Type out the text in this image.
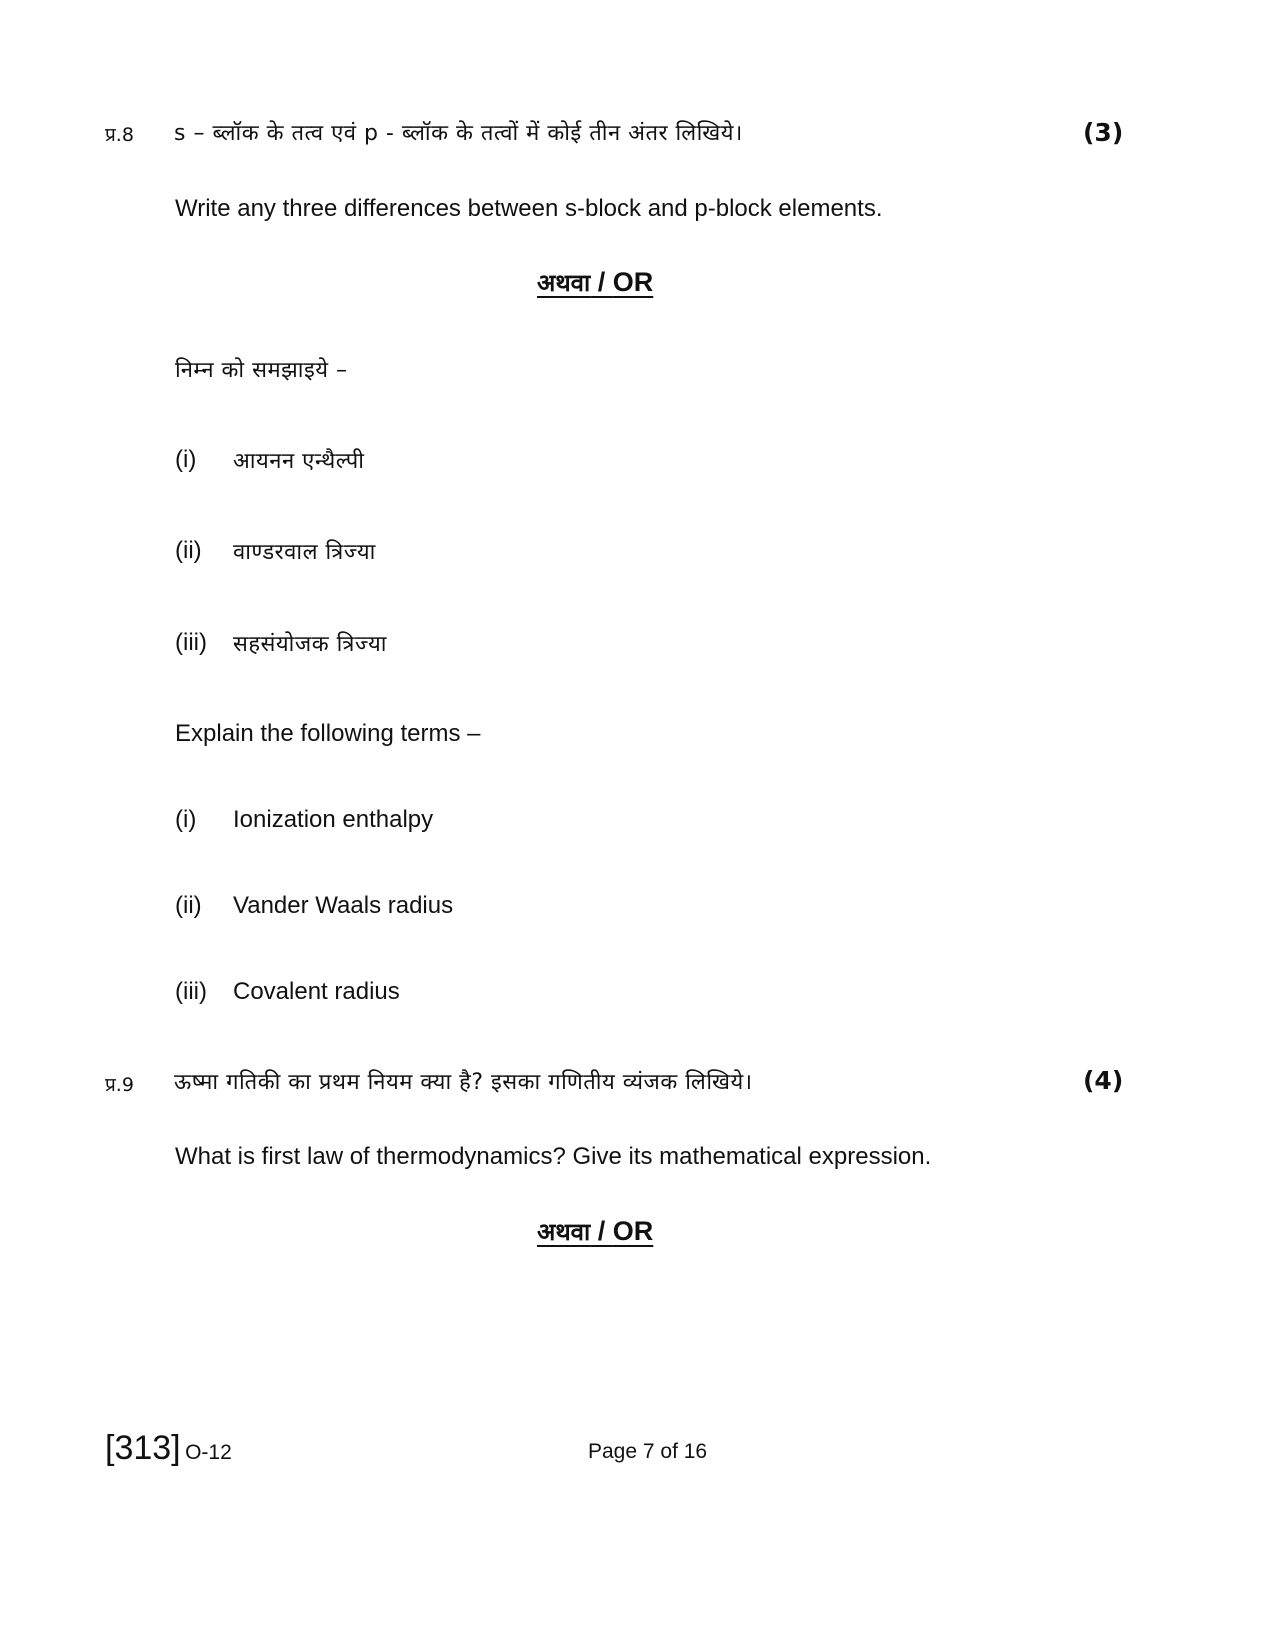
प्र.8 s – ब्लॉक के तत्व एवं p - ब्लॉक के तत्वों में कोई तीन अंतर लिखिये।	(3)
Write any three differences between s-block and p-block elements.
अथवा / OR
निम्न को समझाइये –
(i) आयनन एन्थैल्पी
(ii) वाण्डरवाल त्रिज्या
(iii) सहसंयोजक त्रिज्या
Explain the following terms –
(i) Ionization enthalpy
(ii) Vander Waals radius
(iii) Covalent radius
प्र.9 ऊष्मा गतिकी का प्रथम नियम क्या है? इसका गणितीय व्यंजक लिखिये।	(4)
What is first law of thermodynamics? Give its mathematical expression.
अथवा / OR
[313] O-12	Page 7 of 16
